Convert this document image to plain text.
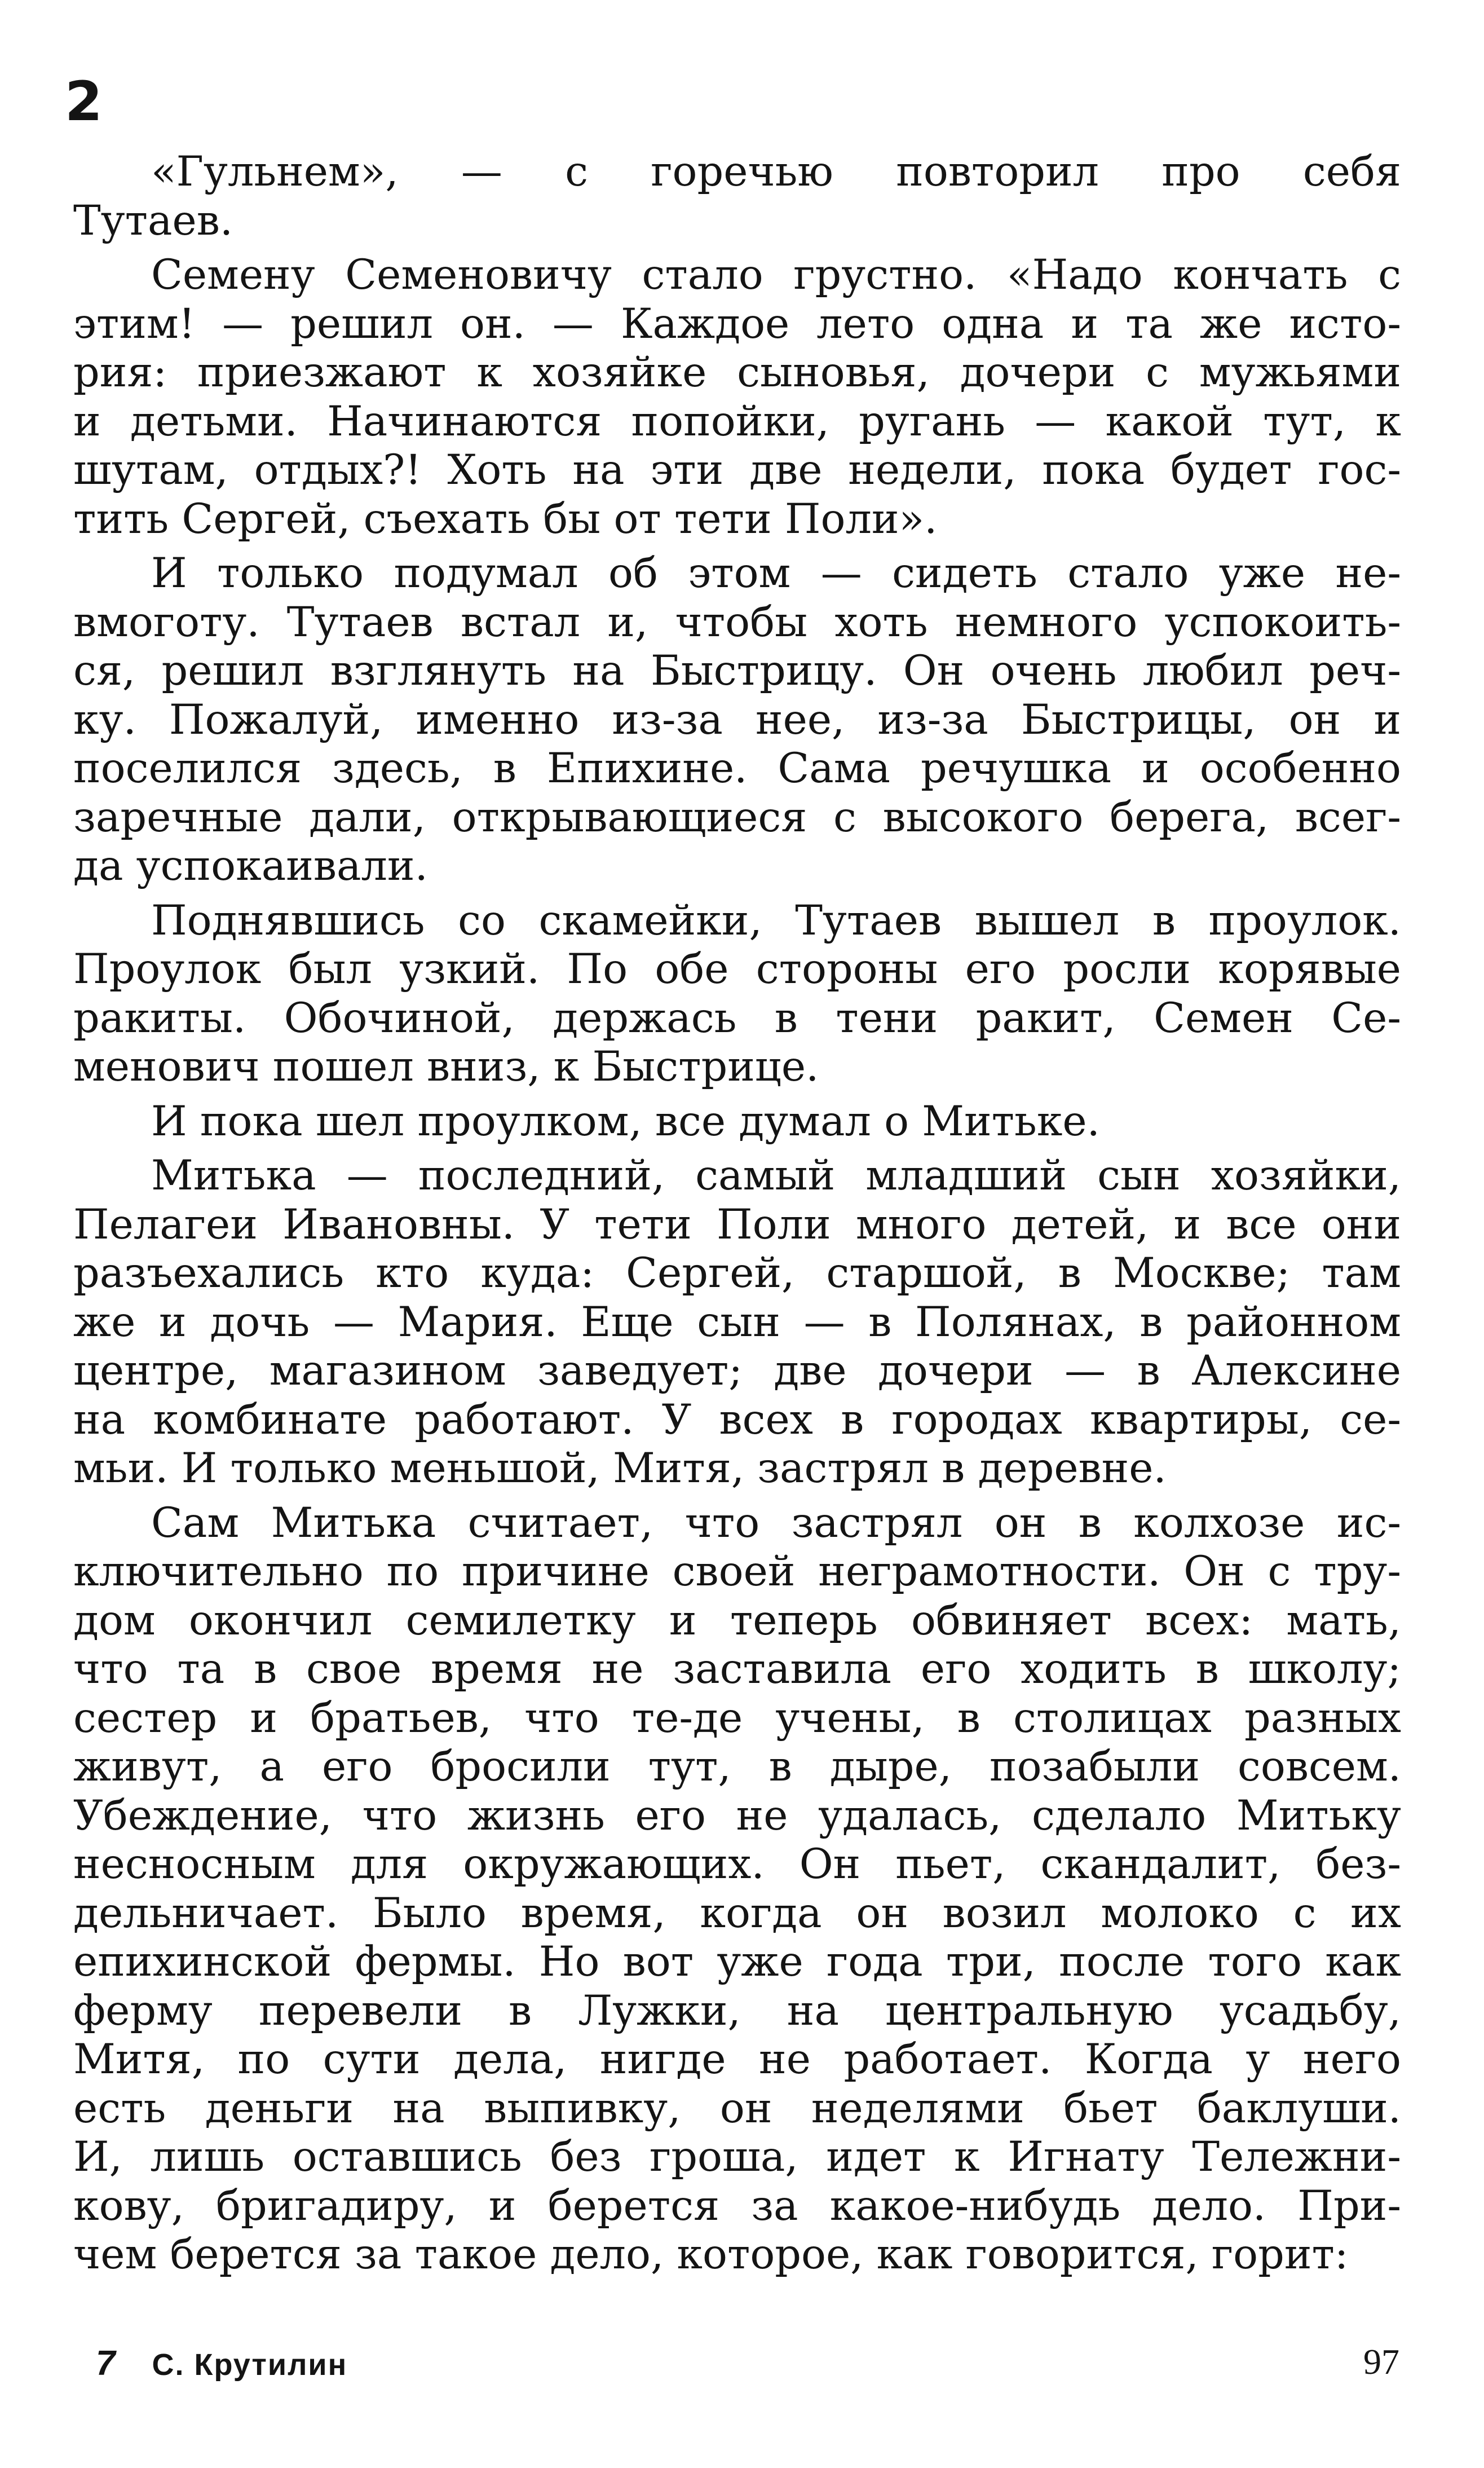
2
«Гульнем», — с горечью повторил про себя
Тутаев.
Семену Семеновичу стало грустно. «Надо кончать с
этим! — решил он. — Каждое лето одна и та же исто-
рия: приезжают к хозяйке сыновья, дочери с мужьями
и детьми. Начинаются попойки, ругань — какой тут, к
шутам, отдых?! Хоть на эти две недели, пока будет гос-
тить Сергей, съехать бы от тети Поли».
И только подумал об этом — сидеть стало уже не-
вмоготу. Тутаев встал и, чтобы хоть немного успокоить-
ся, решил взглянуть на Быстрицу. Он очень любил реч-
ку. Пожалуй, именно из-за нее, из-за Быстрицы, он и
поселился здесь, в Епихине. Сама речушка и особенно
заречные дали, открывающиеся с высокого берега, всег-
да успокаивали.
Поднявшись со скамейки, Тутаев вышел в проулок.
Проулок был узкий. По обе стороны его росли корявые
ракиты. Обочиной, держась в тени ракит, Семен Се-
менович пошел вниз, к Быстрице.
И пока шел проулком, все думал о Митьке.
Митька — последний, самый младший сын хозяйки,
Пелагеи Ивановны. У тети Поли много детей, и все они
разъехались кто куда: Сергей, старшой, в Москве; там
же и дочь — Мария. Еще сын — в Полянах, в районном
центре, магазином заведует; две дочери — в Алексине
на комбинате работают. У всех в городах квартиры, се-
мьи. И только меньшой, Митя, застрял в деревне.
Сам Митька считает, что застрял он в колхозе ис-
ключительно по причине своей неграмотности. Он с тру-
дом окончил семилетку и теперь обвиняет всех: мать,
что та в свое время не заставила его ходить в школу;
сестер и братьев, что те-де учены, в столицах разных
живут, а его бросили тут, в дыре, позабыли совсем.
Убеждение, что жизнь его не удалась, сделало Митьку
несносным для окружающих. Он пьет, скандалит, без-
дельничает. Было время, когда он возил молоко с их
епихинской фермы. Но вот уже года три, после того как
ферму перевели в Лужки, на центральную усадьбу,
Митя, по сути дела, нигде не работает. Когда у него
есть деньги на выпивку, он неделями бьет баклуши.
И, лишь оставшись без гроша, идет к Игнату Тележни-
кову, бригадиру, и берется за какое-нибудь дело. При-
чем берется за такое дело, которое, как говорится, горит:
7 С. Крутилин	97
